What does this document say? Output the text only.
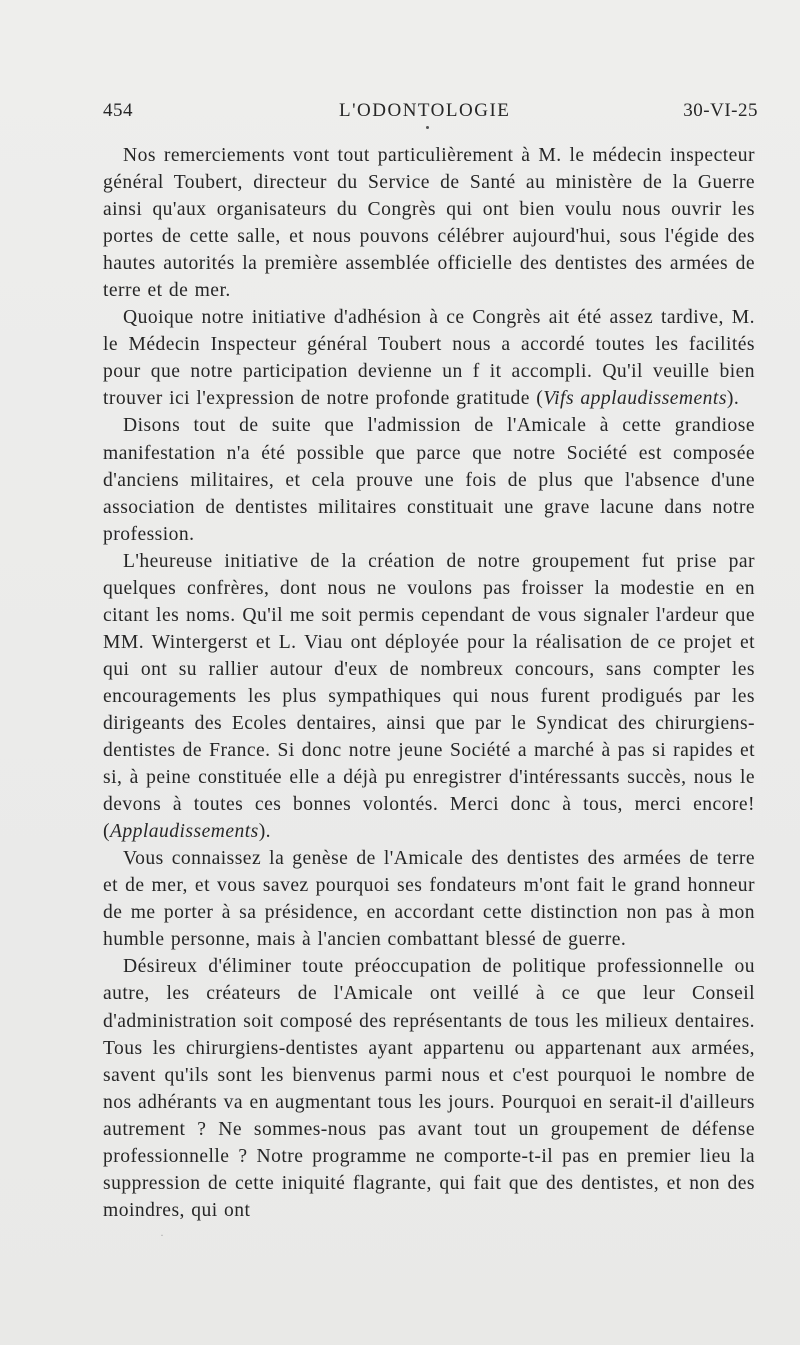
454	L'ODONTOLOGIE	30-VI-25

Nos remerciements vont tout particulièrement à M. le médecin inspecteur général Toubert, directeur du Service de Santé au ministère de la Guerre ainsi qu'aux organisateurs du Congrès qui ont bien voulu nous ouvrir les portes de cette salle, et nous pouvons célébrer aujourd'hui, sous l'égide des hautes autorités la première assemblée officielle des dentistes des armées de terre et de mer.

Quoique notre initiative d'adhésion à ce Congrès ait été assez tardive, M. le Médecin Inspecteur général Toubert nous a accordé toutes les facilités pour que notre participation devienne un f it accompli. Qu'il veuille bien trouver ici l'expression de notre profonde gratitude (Vifs applaudissements).

Disons tout de suite que l'admission de l'Amicale à cette grandiose manifestation n'a été possible que parce que notre Société est composée d'anciens militaires, et cela prouve une fois de plus que l'absence d'une association de dentistes militaires constituait une grave lacune dans notre profession.

L'heureuse initiative de la création de notre groupement fut prise par quelques confrères, dont nous ne voulons pas froisser la modestie en en citant les noms. Qu'il me soit permis cependant de vous signaler l'ardeur que MM. Wintergerst et L. Viau ont déployée pour la réalisation de ce projet et qui ont su rallier autour d'eux de nombreux concours, sans compter les encouragements les plus sympathiques qui nous furent prodigués par les dirigeants des Ecoles dentaires, ainsi que par le Syndicat des chirurgiens-dentistes de France. Si donc notre jeune Société a marché à pas si rapides et si, à peine constituée elle a déjà pu enregistrer d'intéressants succès, nous le devons à toutes ces bonnes volontés. Merci donc à tous, merci encore! (Applaudissements).

Vous connaissez la genèse de l'Amicale des dentistes des armées de terre et de mer, et vous savez pourquoi ses fondateurs m'ont fait le grand honneur de me porter à sa présidence, en accordant cette distinction non pas à mon humble personne, mais à l'ancien combattant blessé de guerre.

Désireux d'éliminer toute préoccupation de politique professionnelle ou autre, les créateurs de l'Amicale ont veillé à ce que leur Conseil d'administration soit composé des représentants de tous les milieux dentaires. Tous les chirurgiens-dentistes ayant appartenu ou appartenant aux armées, savent qu'ils sont les bienvenus parmi nous et c'est pourquoi le nombre de nos adhérants va en augmentant tous les jours. Pourquoi en serait-il d'ailleurs autrement ? Ne sommes-nous pas avant tout un groupement de défense professionnelle ? Notre programme ne comporte-t-il pas en premier lieu la suppression de cette iniquité flagrante, qui fait que des dentistes, et non des moindres, qui ont

·
